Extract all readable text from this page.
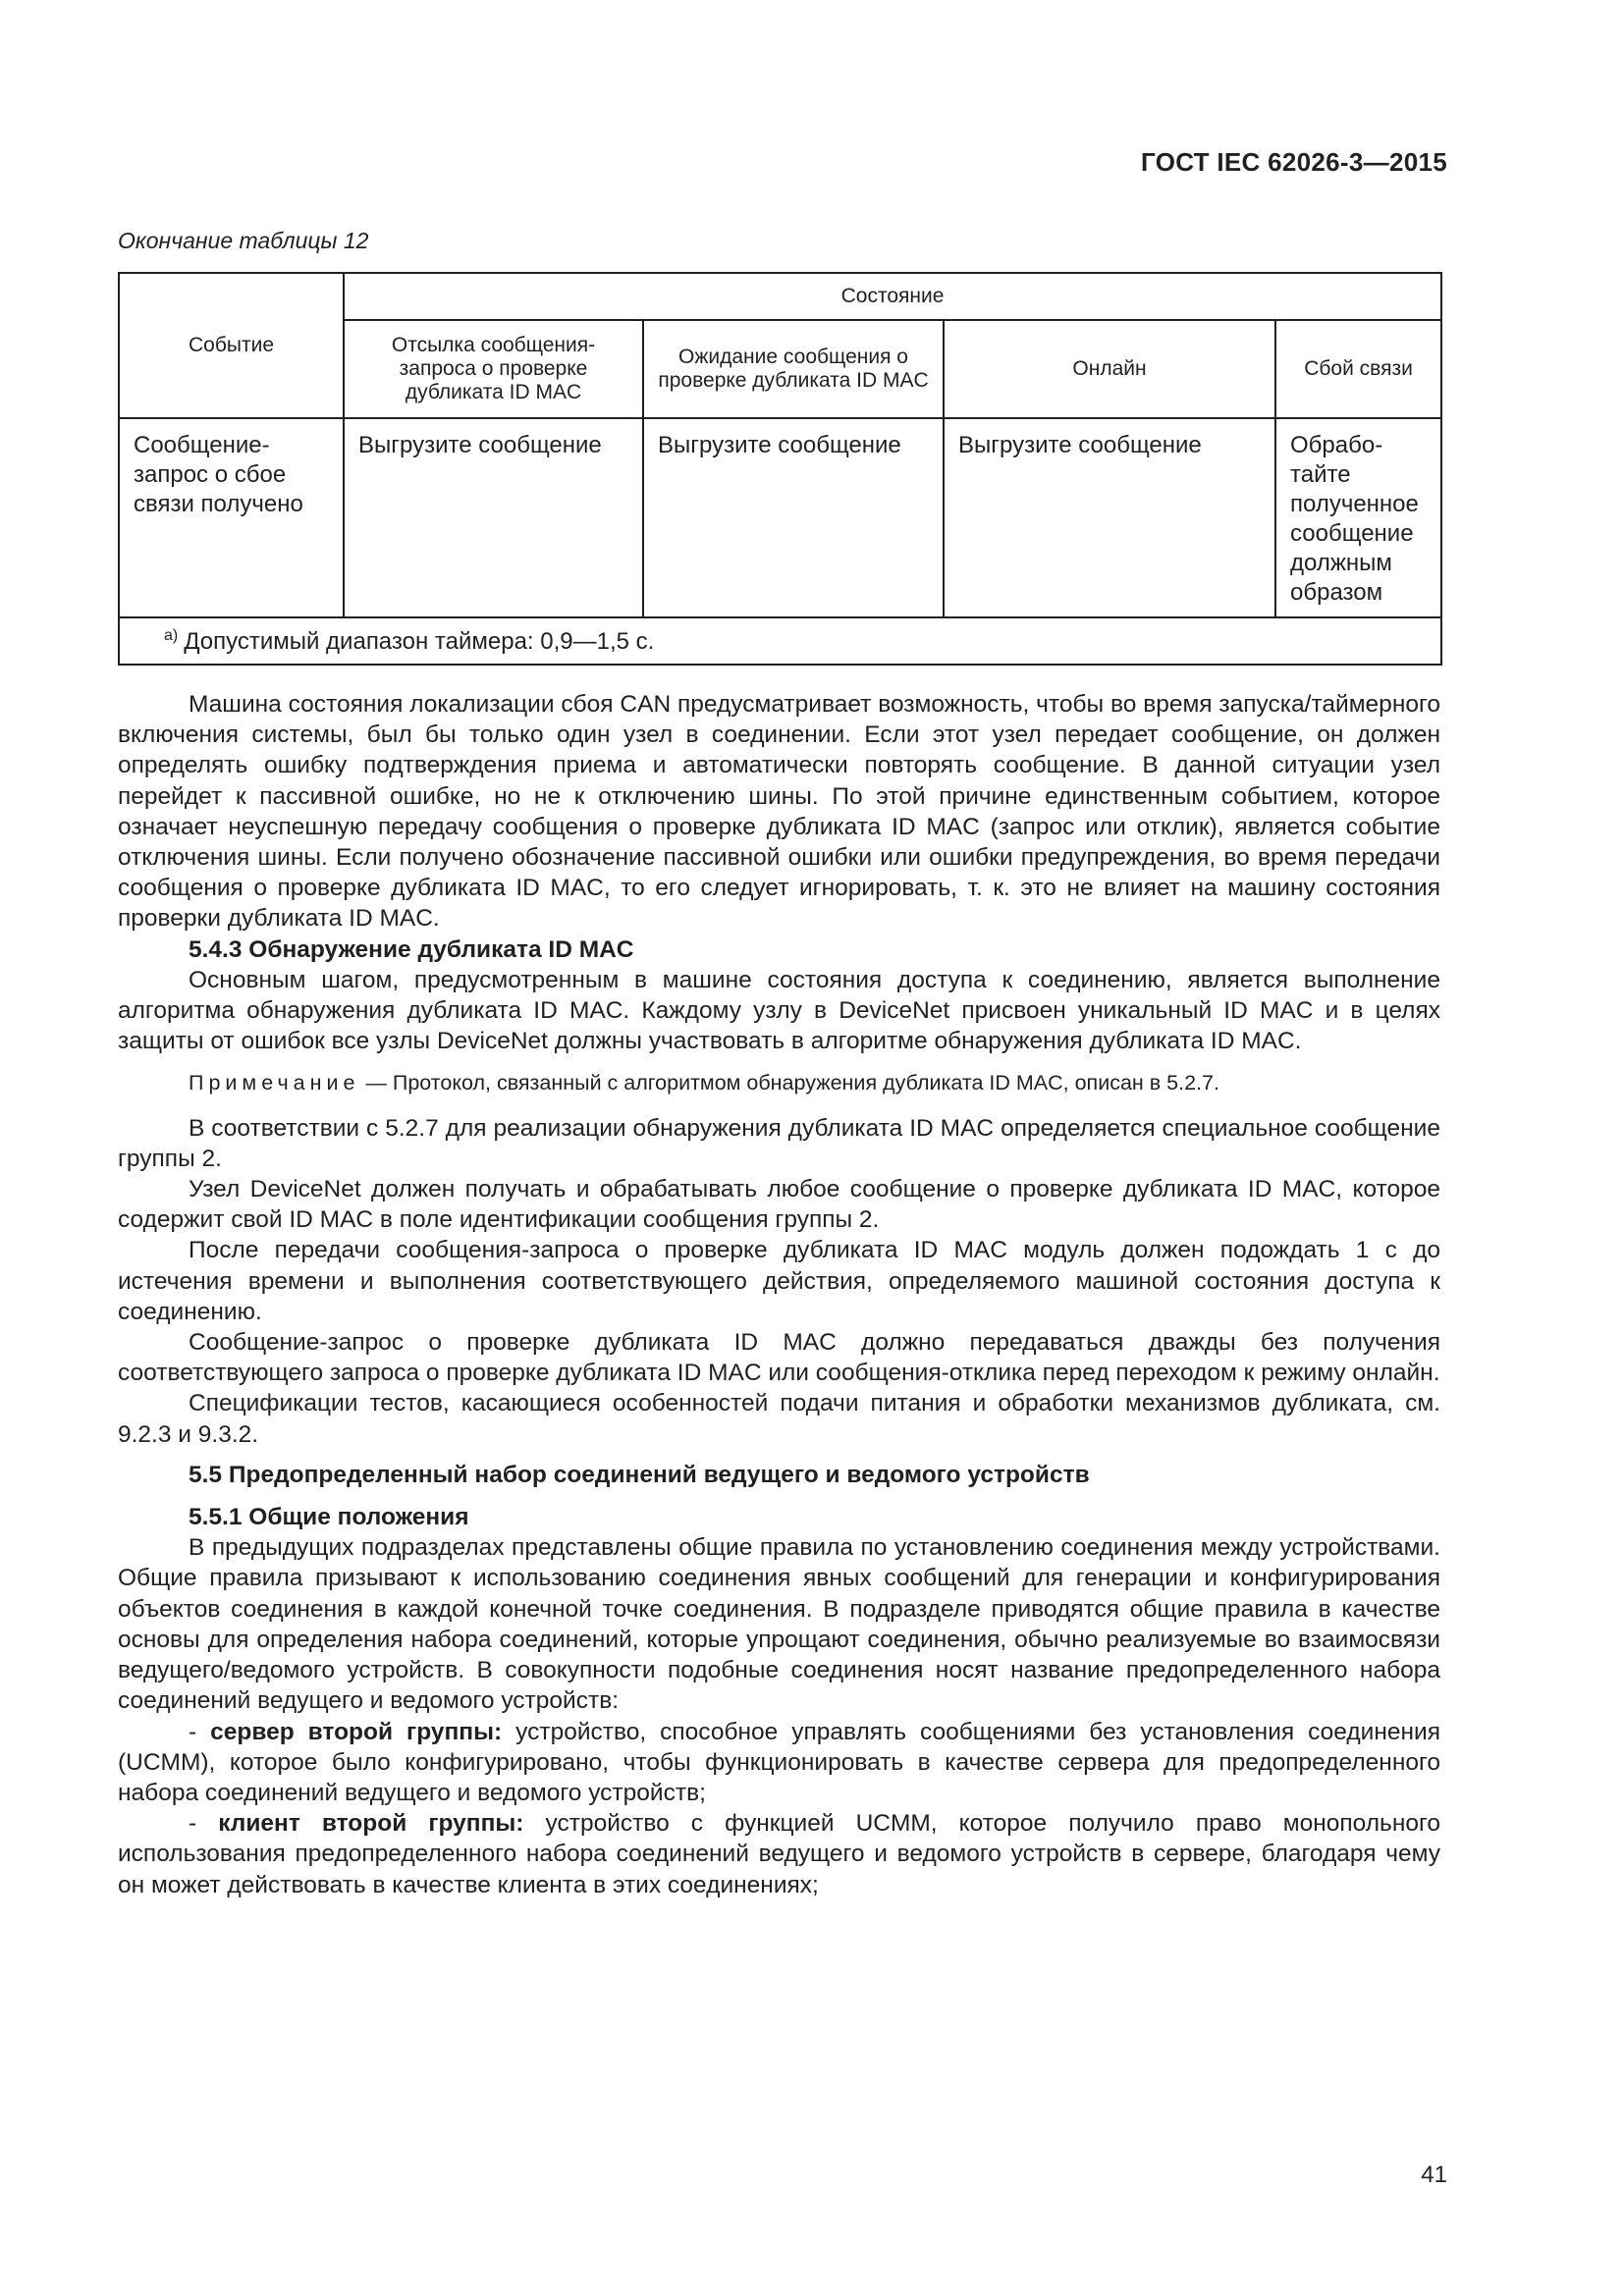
ГОСТ IEC 62026-3—2015
Окончание таблицы 12
Событие	Состояние			
	Отсылка сообщения-запроса о проверке дубликата ID MAC	Ожидание сообщения о проверке дубликата ID MAC	Онлайн	Сбой связи
Сообщение-запрос о сбое связи получено	Выгрузите сообщение	Выгрузите сообщение	Выгрузите сообщение	Обрабо-тайте полученное сообщение должным образом
$^{a)}$ Допустимый диапазон таймера: 0,9—1,5 с.				

Машина состояния локализации сбоя CAN предусматривает возможность, чтобы во время запуска/таймерного включения системы, был бы только один узел в соединении. Если этот узел передает сообщение, он должен определять ошибку подтверждения приема и автоматически повторять сообщение. В данной ситуации узел перейдет к пассивной ошибке, но не к отключению шины. По этой причине единственным событием, которое означает неуспешную передачу сообщения о проверке дубликата ID MAC (запрос или отклик), является событие отключения шины. Если получено обозначение пассивной ошибки или ошибки предупреждения, во время передачи сообщения о проверке дубликата ID MAC, то его следует игнорировать, т. к. это не влияет на машину состояния проверки дубликата ID MAC.

5.4.3 Обнаружение дубликата ID MAC

Основным шагом, предусмотренным в машине состояния доступа к соединению, является выполнение алгоритма обнаружения дубликата ID MAC. Каждому узлу в DeviceNet присвоен уникальный ID MAC и в целях защиты от ошибок все узлы DeviceNet должны участвовать в алгоритме обнаружения дубликата ID MAC.

Примечание — Протокол, связанный с алгоритмом обнаружения дубликата ID MAC, описан в 5.2.7.

В соответствии с 5.2.7 для реализации обнаружения дубликата ID MAC определяется специальное сообщение группы 2.

Узел DeviceNet должен получать и обрабатывать любое сообщение о проверке дубликата ID MAC, которое содержит свой ID MAC в поле идентификации сообщения группы 2.

После передачи сообщения-запроса о проверке дубликата ID MAC модуль должен подождать 1 с до истечения времени и выполнения соответствующего действия, определяемого машиной состояния доступа к соединению.

Сообщение-запрос о проверке дубликата ID MAC должно передаваться дважды без получения соответствующего запроса о проверке дубликата ID MAC или сообщения-отклика перед переходом к режиму онлайн.

Спецификации тестов, касающиеся особенностей подачи питания и обработки механизмов дубликата, см. 9.2.3 и 9.3.2.

5.5 Предопределенный набор соединений ведущего и ведомого устройств
5.5.1 Общие положения

В предыдущих подразделах представлены общие правила по установлению соединения между устройствами. Общие правила призывают к использованию соединения явных сообщений для генерации и конфигурирования объектов соединения в каждой конечной точке соединения. В подразделе приводятся общие правила в качестве основы для определения набора соединений, которые упрощают соединения, обычно реализуемые во взаимосвязи ведущего/ведомого устройств. В совокупности подобные соединения носят название предопределенного набора соединений ведущего и ведомого устройств:

- сервер второй группы: устройство, способное управлять сообщениями без установления соединения (UCMM), которое было конфигурировано, чтобы функционировать в качестве сервера для предопределенного набора соединений ведущего и ведомого устройств;

- клиент второй группы: устройство с функцией UCMM, которое получило право монопольного использования предопределенного набора соединений ведущего и ведомого устройств в сервере, благодаря чему он может действовать в качестве клиента в этих соединениях;

41
